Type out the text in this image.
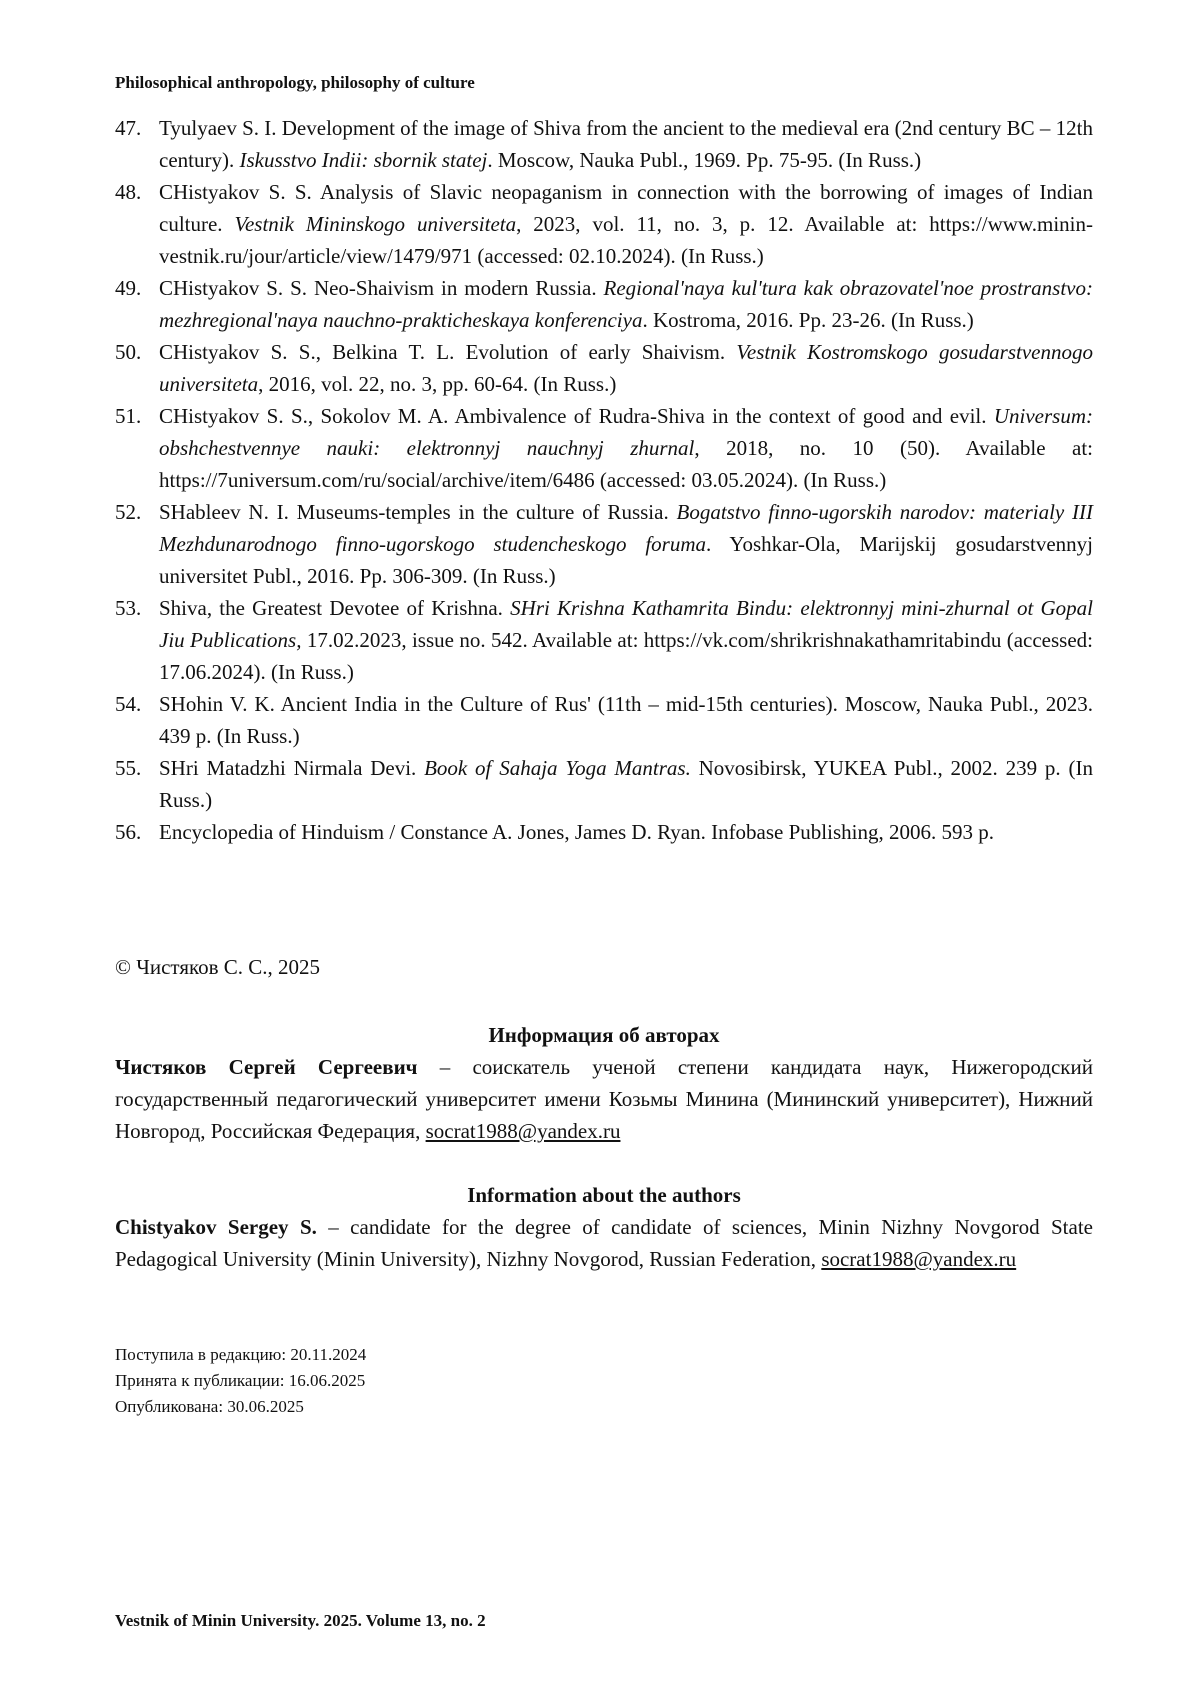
Philosophical anthropology, philosophy of culture
47. Tyulyaev S. I. Development of the image of Shiva from the ancient to the medieval era (2nd century BC – 12th century). Iskusstvo Indii: sbornik statej. Moscow, Nauka Publ., 1969. Pp. 75-95. (In Russ.)
48. CHistyakov S. S. Analysis of Slavic neopaganism in connection with the borrowing of images of Indian culture. Vestnik Mininskogo universiteta, 2023, vol. 11, no. 3, p. 12. Available at: https://www.minin-vestnik.ru/jour/article/view/1479/971 (accessed: 02.10.2024). (In Russ.)
49. CHistyakov S. S. Neo-Shaivism in modern Russia. Regional'naya kul'tura kak obrazovatel'noe prostranstvo: mezhregional'naya nauchno-prakticheskaya konferenciya. Kostroma, 2016. Pp. 23-26. (In Russ.)
50. CHistyakov S. S., Belkina T. L. Evolution of early Shaivism. Vestnik Kostromskogo gosudarstvennogo universiteta, 2016, vol. 22, no. 3, pp. 60-64. (In Russ.)
51. CHistyakov S. S., Sokolov M. A. Ambivalence of Rudra-Shiva in the context of good and evil. Universum: obshchestvennye nauki: elektronnyj nauchnyj zhurnal, 2018, no. 10 (50). Available at: https://7universum.com/ru/social/archive/item/6486 (accessed: 03.05.2024). (In Russ.)
52. SHableev N. I. Museums-temples in the culture of Russia. Bogatstvo finno-ugorskih narodov: materialy III Mezhdunarodnogo finno-ugorskogo studencheskogo foruma. Yoshkar-Ola, Marijskij gosudarstvennyj universitet Publ., 2016. Pp. 306-309. (In Russ.)
53. Shiva, the Greatest Devotee of Krishna. SHri Krishna Kathamrita Bindu: elektronnyj mini-zhurnal ot Gopal Jiu Publications, 17.02.2023, issue no. 542. Available at: https://vk.com/shrikrishnakathamritabindu (accessed: 17.06.2024). (In Russ.)
54. SHohin V. K. Ancient India in the Culture of Rus' (11th – mid-15th centuries). Moscow, Nauka Publ., 2023. 439 p. (In Russ.)
55. SHri Matadzhi Nirmala Devi. Book of Sahaja Yoga Mantras. Novosibirsk, YUKEA Publ., 2002. 239 p. (In Russ.)
56. Encyclopedia of Hinduism / Constance A. Jones, James D. Ryan. Infobase Publishing, 2006. 593 p.
© Чистяков С. С., 2025
Информация об авторах
Чистяков Сергей Сергеевич – соискатель ученой степени кандидата наук, Нижегородский государственный педагогический университет имени Козьмы Минина (Мининский университет), Нижний Новгород, Российская Федерация, socrat1988@yandex.ru
Information about the authors
Chistyakov Sergey S. – candidate for the degree of candidate of sciences, Minin Nizhny Novgorod State Pedagogical University (Minin University), Nizhny Novgorod, Russian Federation, socrat1988@yandex.ru
Поступила в редакцию: 20.11.2024
Принята к публикации: 16.06.2025
Опубликована: 30.06.2025
Vestnik of Minin University. 2025. Volume 13, no. 2
